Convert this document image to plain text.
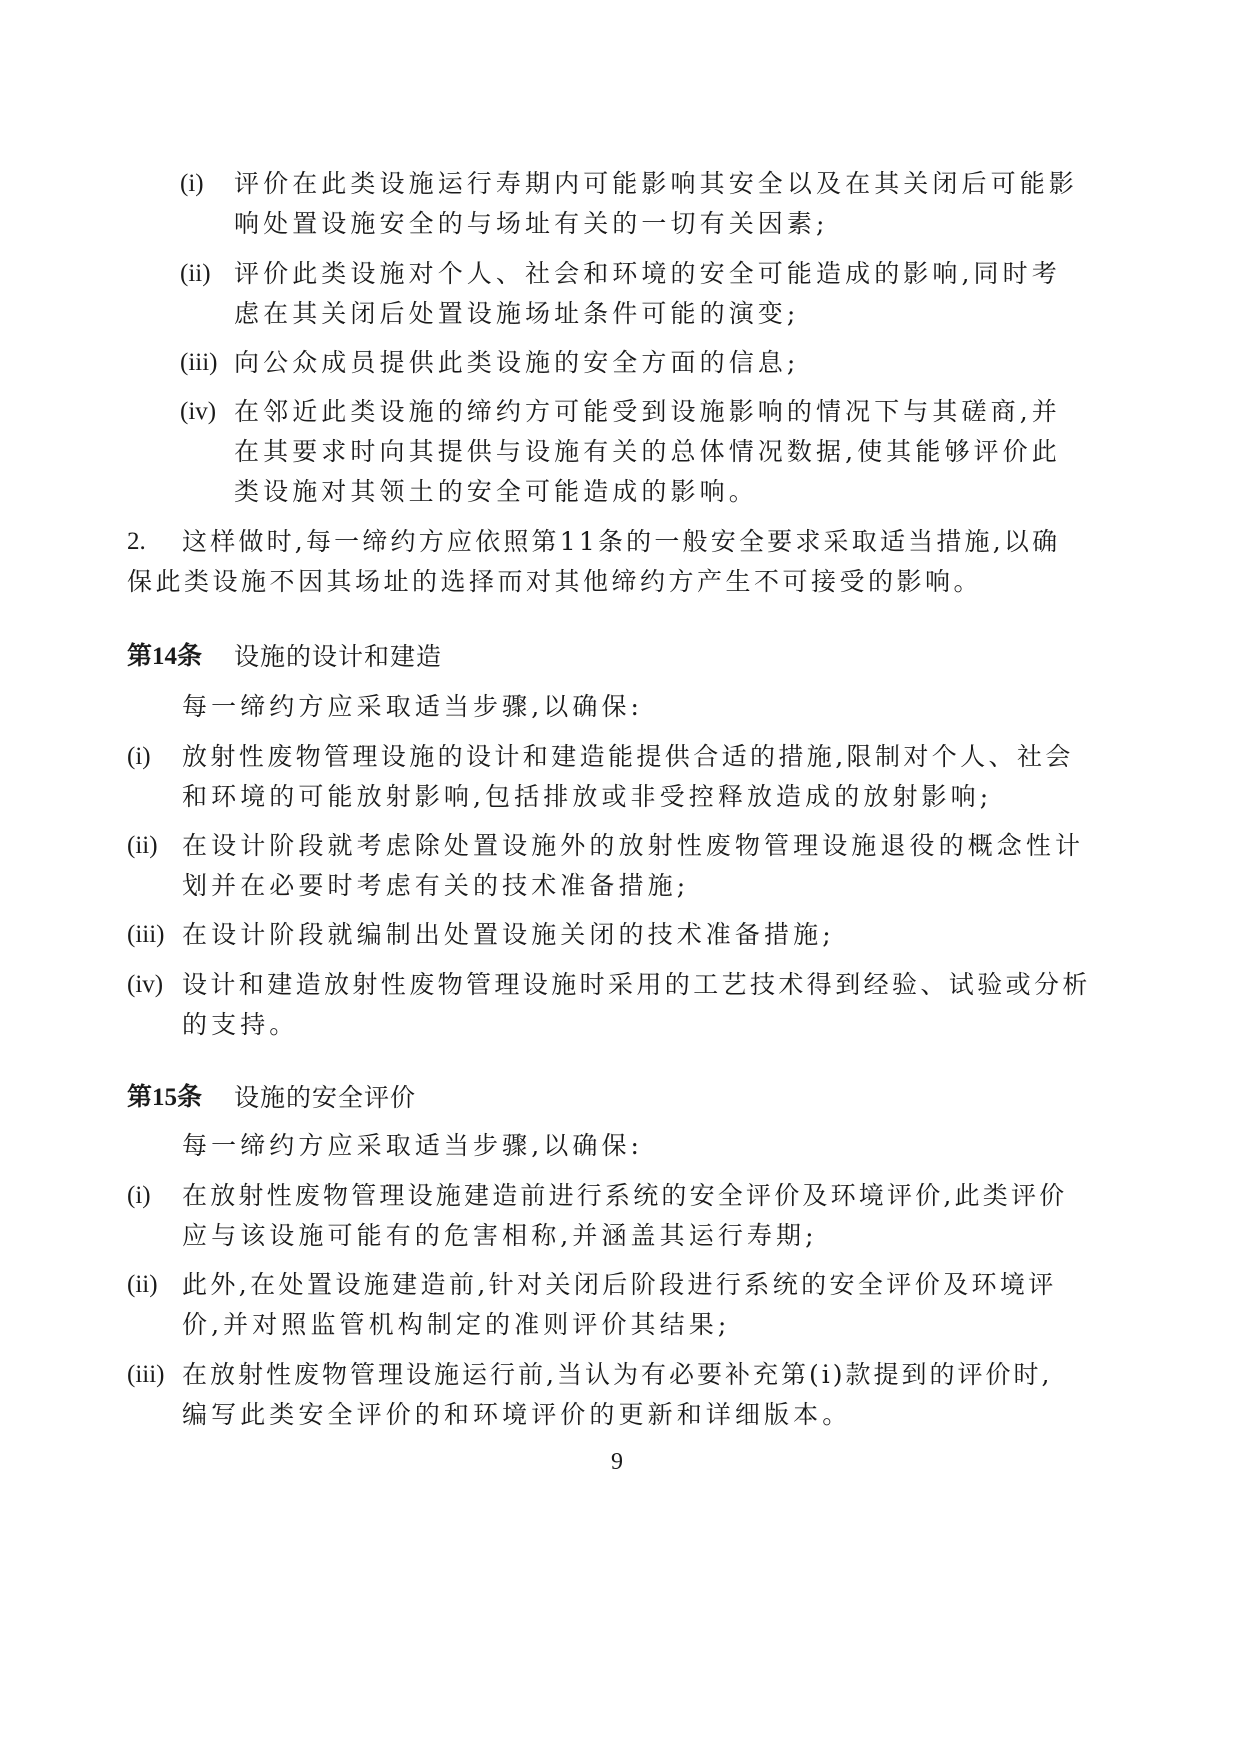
(i) 评价在此类设施运行寿期内可能影响其安全以及在其关闭后可能影
响处置设施安全的与场址有关的一切有关因素;
(ii) 评价此类设施对个人、社会和环境的安全可能造成的影响,同时考
虑在其关闭后处置设施场址条件可能的演变;
(iii) 向公众成员提供此类设施的安全方面的信息;
(iv) 在邻近此类设施的缔约方可能受到设施影响的情况下与其磋商,并
在其要求时向其提供与设施有关的总体情况数据,使其能够评价此
类设施对其领土的安全可能造成的影响。
2. 这样做时,每一缔约方应依照第11条的一般安全要求采取适当措施,以确
保此类设施不因其场址的选择而对其他缔约方产生不可接受的影响。
第14条 设施的设计和建造
每一缔约方应采取适当步骤,以确保:
(i) 放射性废物管理设施的设计和建造能提供合适的措施,限制对个人、社会
和环境的可能放射影响,包括排放或非受控释放造成的放射影响;
(ii) 在设计阶段就考虑除处置设施外的放射性废物管理设施退役的概念性计
划并在必要时考虑有关的技术准备措施;
(iii) 在设计阶段就编制出处置设施关闭的技术准备措施;
(iv) 设计和建造放射性废物管理设施时采用的工艺技术得到经验、试验或分析
的支持。
第15条 设施的安全评价
每一缔约方应采取适当步骤,以确保:
(i) 在放射性废物管理设施建造前进行系统的安全评价及环境评价,此类评价
应与该设施可能有的危害相称,并涵盖其运行寿期;
(ii) 此外,在处置设施建造前,针对关闭后阶段进行系统的安全评价及环境评
价,并对照监管机构制定的准则评价其结果;
(iii) 在放射性废物管理设施运行前,当认为有必要补充第(i)款提到的评价时,
编写此类安全评价的和环境评价的更新和详细版本。
9
